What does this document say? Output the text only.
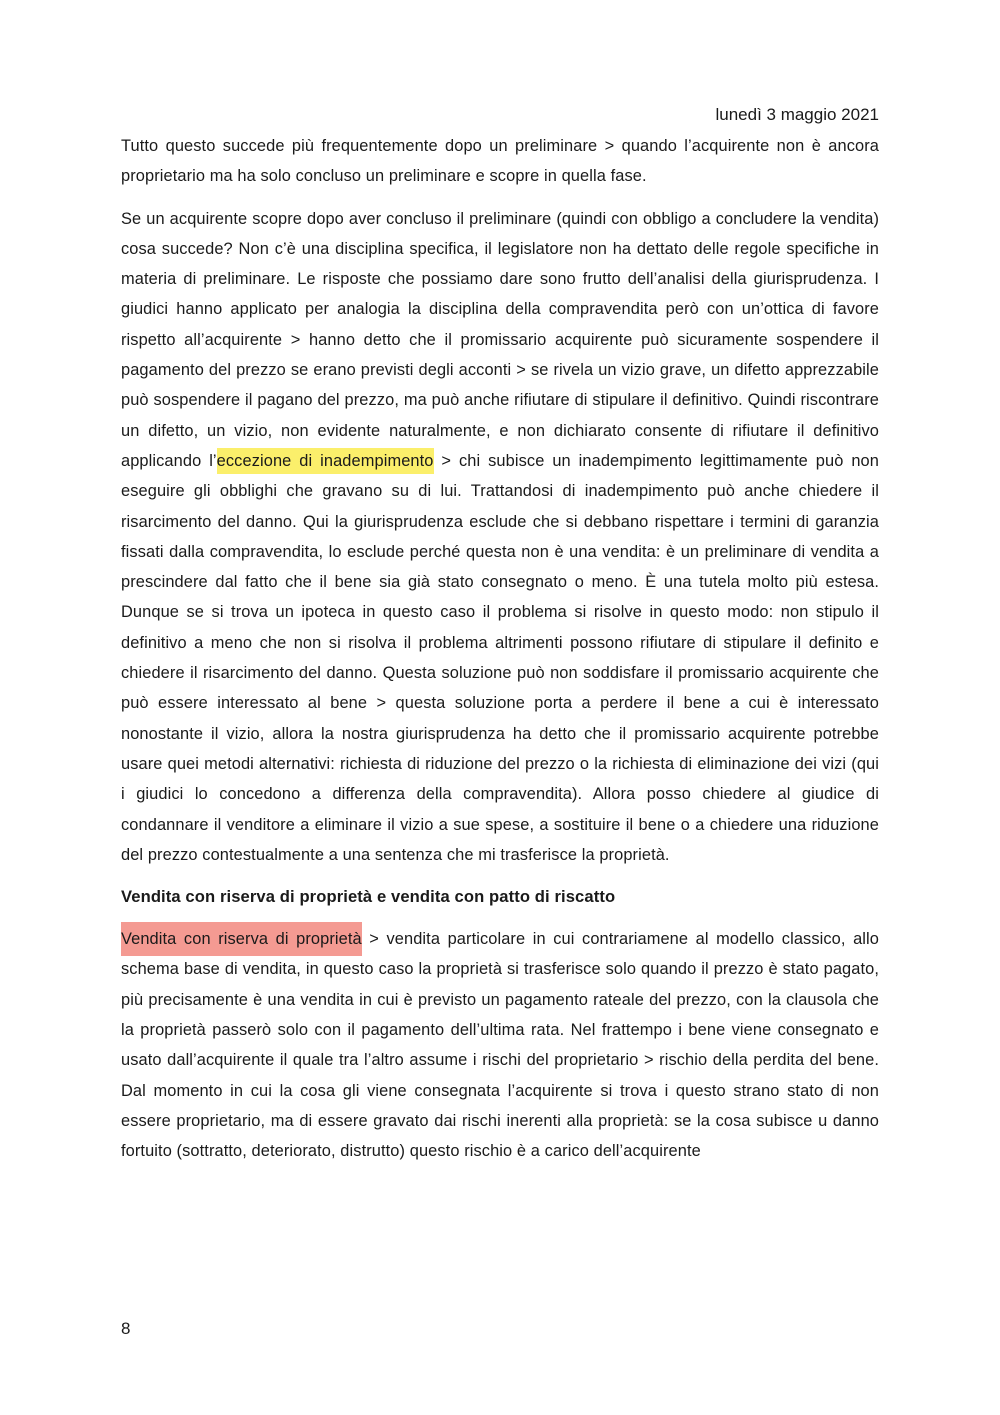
lunedì 3 maggio 2021

Tutto questo succede più frequentemente dopo un preliminare > quando l’acquirente non è ancora proprietario ma ha solo concluso un preliminare e scopre in quella fase.

Se un acquirente scopre dopo aver concluso il preliminare (quindi con obbligo a concludere la vendita) cosa succede? Non c’è una disciplina specifica, il legislatore non ha dettato delle regole specifiche in materia di preliminare. Le risposte che possiamo dare sono frutto dell’analisi della giurisprudenza. I giudici hanno applicato per analogia la disciplina della compravendita però con un’ottica di favore rispetto all’acquirente > hanno detto che il promissario acquirente può sicuramente sospendere il pagamento del prezzo se erano previsti degli acconti > se rivela un vizio grave, un difetto apprezzabile può sospendere il pagano del prezzo, ma può anche rifiutare di stipulare il definitivo. Quindi riscontrare un difetto, un vizio, non evidente naturalmente, e non dichiarato consente di rifiutare il definitivo applicando l’eccezione di inadempimento > chi subisce un inadempimento legittimamente può non eseguire gli obblighi che gravano su di lui. Trattandosi di inadempimento può anche chiedere il risarcimento del danno. Qui la giurisprudenza esclude che si debbano rispettare i termini di garanzia fissati dalla compravendita, lo esclude perché questa non è una vendita: è un preliminare di vendita a prescindere dal fatto che il bene sia già stato consegnato o meno. È una tutela molto più estesa. Dunque se si trova un ipoteca in questo caso il problema si risolve in questo modo: non stipulo il definitivo a meno che non si risolva il problema altrimenti possono rifiutare di stipulare il definito e chiedere il risarcimento del danno. Questa soluzione può non soddisfare il promissario acquirente che può essere interessato al bene > questa soluzione porta a perdere il bene a cui è interessato nonostante il vizio, allora la nostra giurisprudenza ha detto che il promissario acquirente potrebbe usare quei metodi alternativi: richiesta di riduzione del prezzo o la richiesta di eliminazione dei vizi (qui i giudici lo concedono a differenza della compravendita). Allora posso chiedere al giudice di condannare il venditore a eliminare il vizio a sue spese, a sostituire il bene o a chiedere una riduzione del prezzo contestualmente a una sentenza che mi trasferisce la proprietà.

Vendita con riserva di proprietà e vendita con patto di riscatto

Vendita con riserva di proprietà > vendita particolare in cui contrariamene al modello classico, allo schema base di vendita, in questo caso la proprietà si trasferisce solo quando il prezzo è stato pagato, più precisamente è una vendita in cui è previsto un pagamento rateale del prezzo, con la clausola che la proprietà passerò solo con il pagamento dell’ultima rata. Nel frattempo i bene viene consegnato e usato dall’acquirente il quale tra l’altro assume i rischi del proprietario > rischio della perdita del bene. Dal momento in cui la cosa gli viene consegnata l’acquirente si trova i questo strano stato di non essere proprietario, ma di essere gravato dai rischi inerenti alla proprietà: se la cosa subisce u danno fortuito (sottratto, deteriorato, distrutto) questo rischio è a carico dell’acquirente

8
